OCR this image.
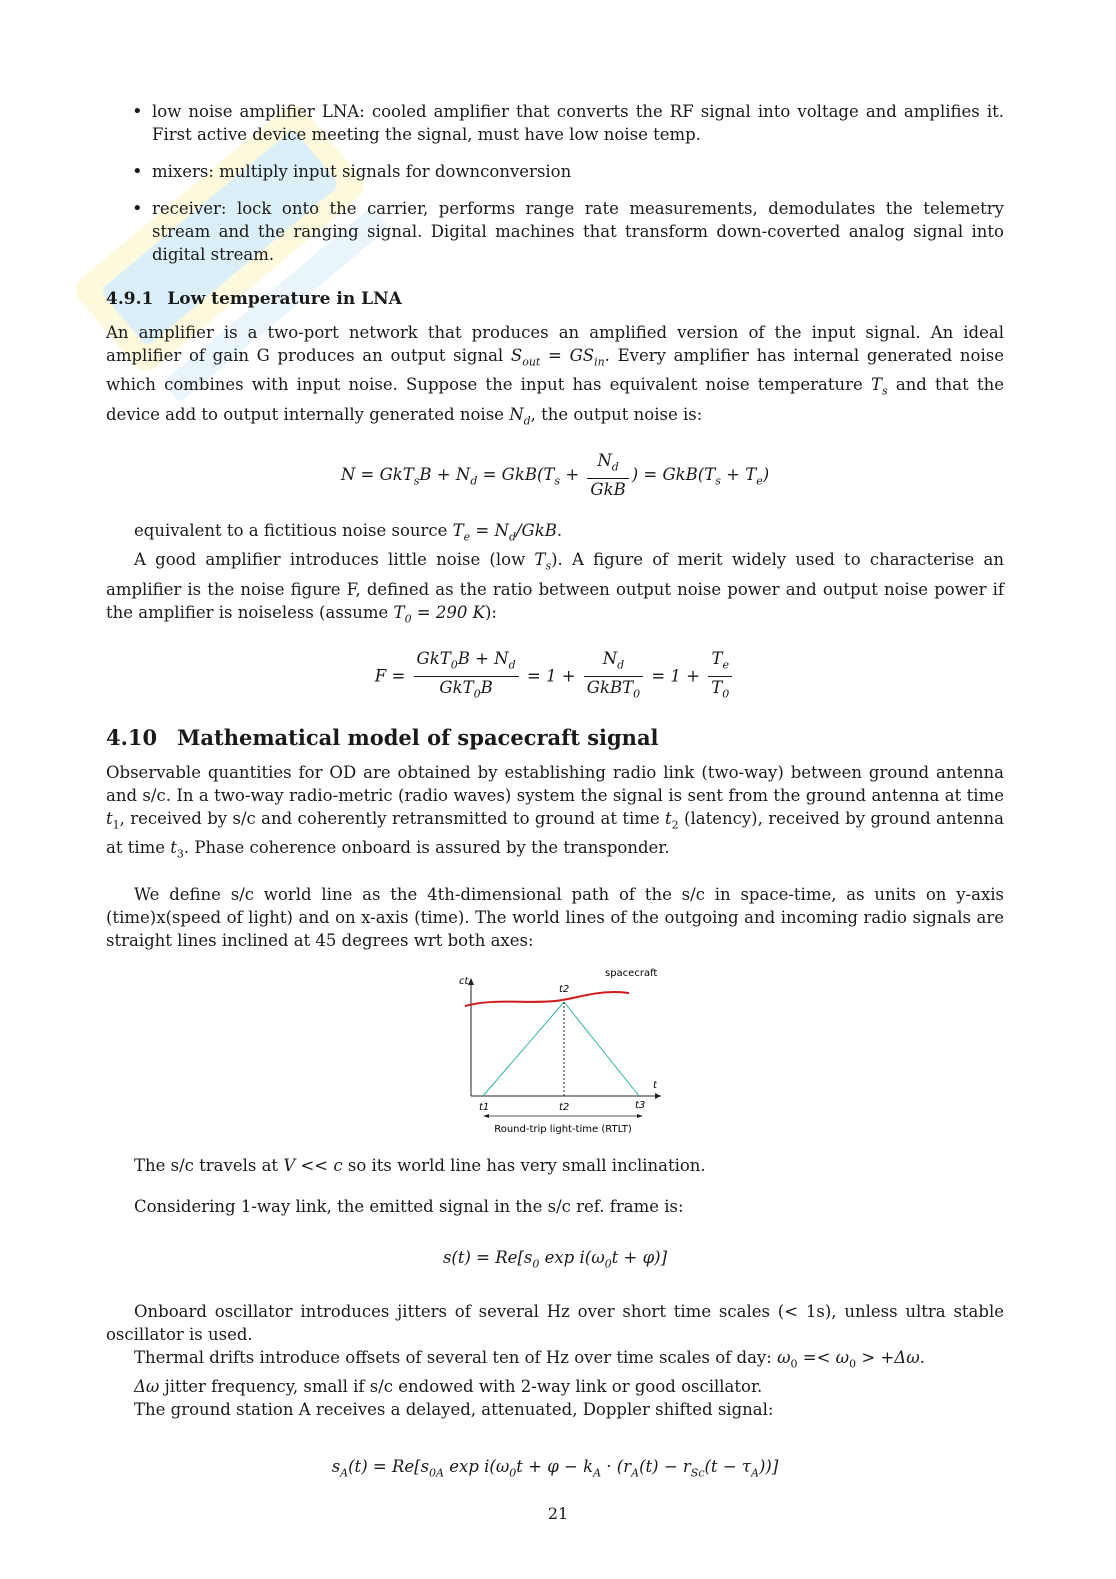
• low noise amplifier LNA: cooled amplifier that converts the RF signal into voltage and amplifies it. First active device meeting the signal, must have low noise temp.
• mixers: multiply input signals for downconversion
• receiver: lock onto the carrier, performs range rate measurements, demodulates the telemetry stream and the ranging signal. Digital machines that transform down-coverted analog signal into digital stream.
4.9.1 Low temperature in LNA

An amplifier is a two-port network that produces an amplified version of the input signal. An ideal amplifier of gain G produces an output signal $S_{out} = GS_{in}$. Every amplifier has internal generated noise which combines with input noise. Suppose the input has equivalent noise temperature $T_s$ and that the device add to output internally generated noise $N_d$, the output noise is:

$N = GkT_sB + N_d = GkB(T_s + \frac{N_d}{\text{GkB}}$ ) = $GkB(T_s + T_e)$

equivalent to a fictitious noise source $T_e = N_d/GkB$.

A good amplifier introduces little noise (low $T_s$). A figure of merit widely used to characterise an amplifier is the noise figure F, defined as the ratio between output noise power and output noise power if the amplifier is noiseless (assume $T_0 = 290$ K):

$F = \frac{GkT_0B + N_d}{GkT_0B} = 1 + \frac{N_d}{GkBT_0} = 1 + \frac{T_e}{T_0}$
4.10 Mathematical model of spacecraft signal

Observable quantities for OD are obtained by establishing radio link (two-way) between ground antenna and s/c. In a two-way radio-metric (radio waves) system the signal is sent from the ground antenna at time $t_1$, received by s/c and coherently retransmitted to ground at time $t_2$ (latency), received by ground antenna at time $t_3$. Phase coherence onboard is assured by the transponder.

We define s/c world line as the 4th-dimensional path of the s/c in space-time, as units on y-axis (time)x(speed of light) and on x-axis (time). The world lines of the outgoing and incoming radio signals are straight lines inclined at 45 degrees wrt both axes:

ct
t
spacecraft
t2
t1	t2	t3
Round-trip light-time (RTLT)

The s/c travels at V << c so its world line has very small inclination.

Considering 1-way link, the emitted signal in the s/c ref. frame is:

$s(t) = Re[s_0$ $\exp i(\omega_0t + \varphi)$]

Onboard oscillator introduces jitters of several Hz over short time scales (< 1s), unless ultra stable oscillator is used.

Thermal drifts introduce offsets of several ten of Hz over time scales of day: $\omega_0 =< \omega_0 > +\Delta\omega$.

Δω jitter frequency, small if s/c endowed with 2-way link or good oscillator.

The ground station A receives a delayed, attenuated, Doppler shifted signal:

$s_A(t) = Re[s_{0A}$ $\exp i(\omega_0t + \varphi - k_A \cdot (r_A(t) - r_{Sc}(t - \tau_A))]$
21
